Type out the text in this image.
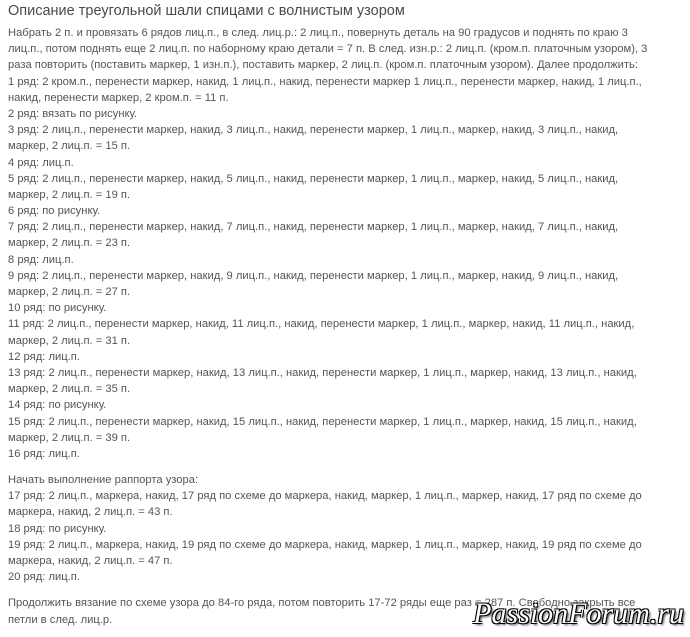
Описание треугольной шали спицами с волнистым узором
Набрать 2 п. и провязать 6 рядов лиц.п., в след. лиц.р.: 2 лиц.п., повернуть деталь на 90 градусов и поднять по краю 3
лиц.п., потом поднять еще 2 лиц.п. по наборному краю детали = 7 п. В след. изн.р.: 2 лиц.п. (кром.п. платочным узором), 3
раза повторить (поставить маркер, 1 изн.п.), поставить маркер, 2 лиц.п. (кром.п. платочным узором). Далее продолжить:
1 ряд: 2 кром.п., перенести маркер, накид, 1 лиц.п., накид, перенести маркер 1 лиц.п., перенести маркер, накид, 1 лиц.п.,
накид, перенести маркер, 2 кром.п. = 11 п.
2 ряд: вязать по рисунку.
3 ряд: 2 лиц.п., перенести маркер, накид, 3 лиц.п., накид, перенести маркер, 1 лиц.п., маркер, накид, 3 лиц.п., накид,
маркер, 2 лиц.п. = 15 п.
4 ряд: лиц.п.
5 ряд: 2 лиц.п., перенести маркер, накид, 5 лиц.п., накид, перенести маркер, 1 лиц.п., маркер, накид, 5 лиц.п., накид,
маркер, 2 лиц.п. = 19 п.
6 ряд: по рисунку.
7 ряд: 2 лиц.п., перенести маркер, накид, 7 лиц.п., накид, перенести маркер, 1 лиц.п., маркер, накид, 7 лиц.п., накид,
маркер, 2 лиц.п. = 23 п.
8 ряд: лиц.п.
9 ряд: 2 лиц.п., перенести маркер, накид, 9 лиц.п., накид, перенести маркер, 1 лиц.п., маркер, накид, 9 лиц.п., накид,
маркер, 2 лиц.п. = 27 п.
10 ряд: по рисунку.
11 ряд: 2 лиц.п., перенести маркер, накид, 11 лиц.п., накид, перенести маркер, 1 лиц.п., маркер, накид, 11 лиц.п., накид,
маркер, 2 лиц.п. = 31 п.
12 ряд: лиц.п.
13 ряд: 2 лиц.п., перенести маркер, накид, 13 лиц.п., накид, перенести маркер, 1 лиц.п., маркер, накид, 13 лиц.п., накид,
маркер, 2 лиц.п. = 35 п.
14 ряд: по рисунку.
15 ряд: 2 лиц.п., перенести маркер, накид, 15 лиц.п., накид, перенести маркер, 1 лиц.п., маркер, накид, 15 лиц.п., накид,
маркер, 2 лиц.п. = 39 п.
16 ряд: лиц.п.
Начать выполнение раппорта узора:
17 ряд: 2 лиц.п., маркера, накид, 17 ряд по схеме до маркера, накид, маркер, 1 лиц.п., маркер, накид, 17 ряд по схеме до
маркера, накид, 2 лиц.п. = 43 п.
18 ряд: по рисунку.
19 ряд: 2 лиц.п., маркера, накид, 19 ряд по схеме до маркера, накид, маркер, 1 лиц.п., маркер, накид, 19 ряд по схеме до
маркера, накид, 2 лиц.п. = 47 п.
20 ряд: лиц.п.
Продолжить вязание по схеме узора до 84-го ряда, потом повторить 17-72 ряды еще раз = 287 п. Свободно закрыть все
петли в след. лиц.р.	PassionForum.ru
